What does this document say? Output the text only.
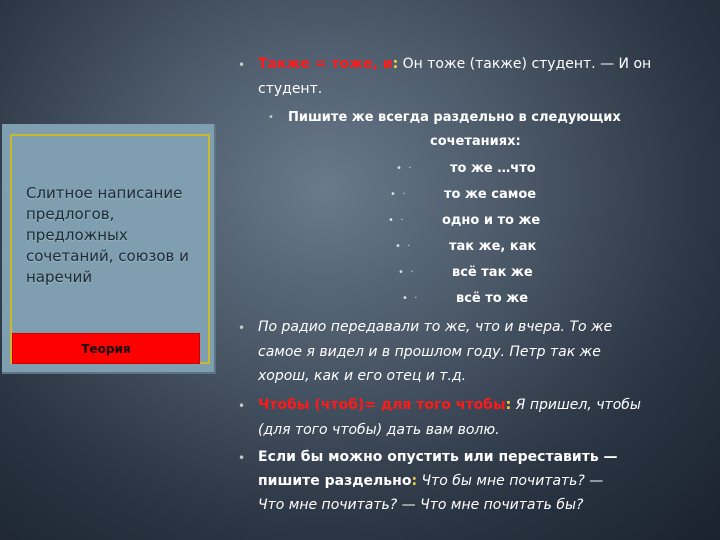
Слитное написание предлогов, предложных сочетаний, союзов и наречий
Теория
• Также = тоже, и: Он тоже (также) студент. — И он
студент.
• Пишите же всегда раздельно в следующих
сочетаниях:
•  ·	то же …что
•  ·	то же самое
•  ·	одно и то же
•  ·	так же, как
•  ·	всё так же
•  ·	всё то же
• По радио передавали то же, что и вчера. То же
самое я видел и в прошлом году. Петр так же
хорош, как и его отец и т.д.
• Чтобы (чтоб)= для того чтобы: Я пришел, чтобы
(для того чтобы) дать вам волю.
• Если бы можно опустить или переставить —
пишите раздельно: Что бы мне почитать? —
Что мне почитать? — Что мне почитать бы?
